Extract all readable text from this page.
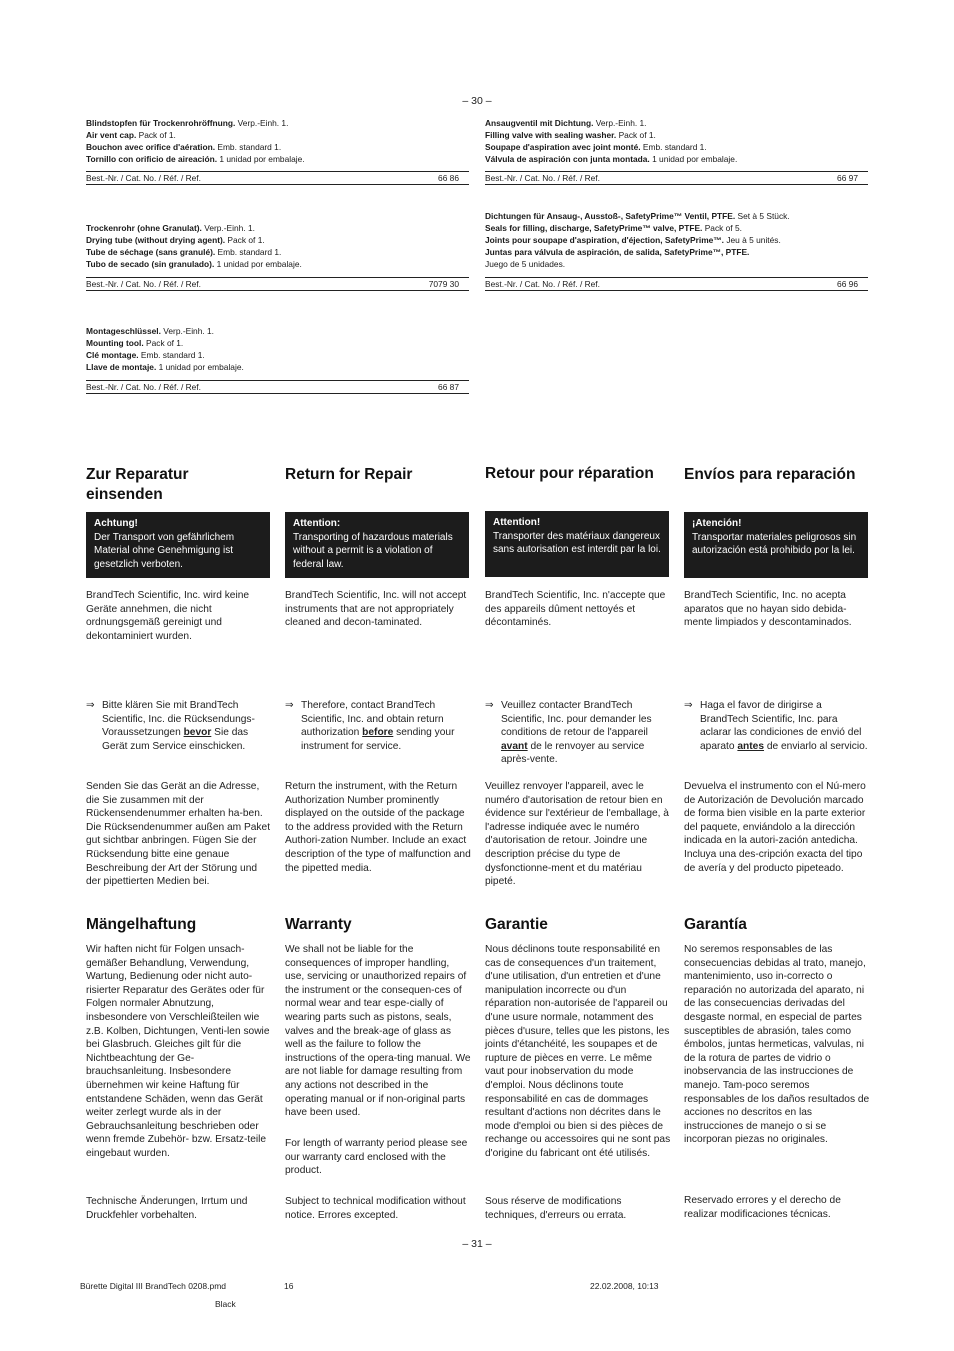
– 30 –
– 31 –
Blindstopfen für Trockenrohröffnung. Verp.-Einh. 1.
Air vent cap. Pack of 1.
Bouchon avec orifice d'aération. Emb. standard 1.
Tornillo con orificio de aireación. 1 unidad por embalaje.
Best.-Nr. / Cat. No. / Réf. / Ref.	66 86
Ansaugventil mit Dichtung. Verp.-Einh. 1.
Filling valve with sealing washer. Pack of 1.
Soupape d'aspiration avec joint monté. Emb. standard 1.
Válvula de aspiración con junta montada. 1 unidad por embalaje.
Best.-Nr. / Cat. No. / Réf. / Ref.	66 97
Trockenrohr (ohne Granulat). Verp.-Einh. 1.
Drying tube (without drying agent). Pack of 1.
Tube de séchage (sans granulé). Emb. standard 1.
Tubo de secado (sin granulado). 1 unidad por embalaje.
Best.-Nr. / Cat. No. / Réf. / Ref.	7079 30
Dichtungen für Ansaug-, Ausstoß-, SafetyPrime™ Ventil, PTFE. Set à 5 Stück.
Seals for filling, discharge, SafetyPrime™ valve, PTFE. Pack of 5.
Joints pour soupape d'aspiration, d'éjection, SafetyPrime™. Jeu à 5 unités.
Juntas para válvula de aspiración, de salida, SafetyPrime™, PTFE.
Juego de 5 unidades.
Best.-Nr. / Cat. No. / Réf. / Ref.	66 96
Montageschlüssel. Verp.-Einh. 1.
Mounting tool. Pack of 1.
Clé montage. Emb. standard 1.
Llave de montaje. 1 unidad por embalaje.
Best.-Nr. / Cat. No. / Réf. / Ref.	66 87
Zur Reparatur
einsenden
Achtung!
Der Transport von gefährlichem Material ohne Genehmigung ist gesetzlich verboten.
BrandTech Scientific, Inc. wird keine Geräte annehmen, die nicht ordnungsgemäß gereinigt und dekontaminiert wurden.
⇒ Bitte klären Sie mit BrandTech Scientific, Inc. die Rücksendungs-Voraussetzungen bevor Sie das Gerät zum Service einschicken.
Senden Sie das Gerät an die Adresse, die Sie zusammen mit der Rückensendenummer erhalten ha-ben. Die Rücksendenummer außen am Paket gut sichtbar anbringen. Fügen Sie der Rücksendung bitte eine genaue Beschreibung der Art der Störung und der pipettierten Medien bei.
Mängelhaftung
Wir haften nicht für Folgen unsach-gemäßer Behandlung, Verwendung, Wartung, Bedienung oder nicht auto-risierter Reparatur des Gerätes oder für Folgen normaler Abnutzung, insbesondere von Verschleißteilen wie z.B. Kolben, Dichtungen, Venti-len sowie bei Glasbruch. Gleiches gilt für die Nichtbeachtung der Ge-brauchsanleitung. Insbesondere übernehmen wir keine Haftung für entstandene Schäden, wenn das Gerät weiter zerlegt wurde als in der Gebrauchsanleitung beschrieben oder wenn fremde Zubehör- bzw. Ersatz-teile eingebaut wurden.
Technische Änderungen, Irrtum und Druckfehler vorbehalten.
Return for Repair
Attention:
Transporting of hazardous materials without a permit is a violation of federal law.
BrandTech Scientific, Inc. will not accept instruments that are not appropriately cleaned and decon-taminated.
⇒ Therefore, contact BrandTech Scientific, Inc. and obtain return authorization before sending your instrument for service.
Return the instrument, with the Return Authorization Number prominently displayed on the outside of the package to the address provided with the Return Authori-zation Number. Include an exact description of the type of malfunction and the pipetted media.
Warranty
We shall not be liable for the consequences of improper handling, use, servicing or unauthorized repairs of the instrument or the consequen-ces of normal wear and tear espe-cially of wearing parts such as pistons, seals, valves and the break-age of glass as well as the failure to follow the instructions of the opera-ting manual. We are not liable for damage resulting from any actions not described in the operating manual or if non-original parts have been used.
For length of warranty period please see our warranty card enclosed with the product.
Subject to technical modification without notice. Errores excepted.
Retour pour réparation
Attention!
Transporter des matériaux dangereux sans autorisation est interdit par la loi.
BrandTech Scientific, Inc. n'accepte que des appareils dûment nettoyés et décontaminés.
⇒ Veuillez contacter BrandTech Scientific, Inc. pour demander les conditions de retour de l'appareil avant de le renvoyer au service après-vente.
Veuillez renvoyer l'appareil, avec le numéro d'autorisation de retour bien en évidence sur l'extérieur de l'emballage, à l'adresse indiquée avec le numéro d'autorisation de retour. Joindre une description précise du type de dysfonctionne-ment et du matériau pipeté.
Garantie
Nous déclinons toute responsabilité en cas de consequences d'un traitement, d'une utilisation, d'un entretien et d'une manipulation incorrecte ou d'un réparation non-autorisée de l'appareil ou d'une usure normale, notamment des pièces d'usure, telles que les pistons, les joints d'étanchéité, les soupapes et de rupture de pièces en verre. Le même vaut pour inobservation du mode d'emploi. Nous déclinons toute responsabilité en cas de dommages resultant d'actions non décrites dans le mode d'emploi ou bien si des pièces de rechange ou accessoires qui ne sont pas d'origine du fabricant ont été utilisés.
Sous réserve de modifications techniques, d'erreurs ou errata.
Envíos para reparación
¡Atención!
Transportar materiales peligrosos sin autorización está prohibido por la lei.
BrandTech Scientific, Inc. no acepta aparatos que no hayan sido debida-mente limpiados y descontaminados.
⇒ Haga el favor de dirigirse a BrandTech Scientific, Inc. para aclarar las condiciones de envió del aparato antes de enviarlo al servicio.
Devuelva el instrumento con el Nú-mero de Autorización de Devolución marcado de forma bien visible en la parte exterior del paquete, enviándolo a la dirección indicada en la autori-zación antedicha. Incluya una des-cripción exacta del tipo de avería y del producto pipeteado.
Garantía
No seremos responsables de las consecuencias debidas al trato, manejo, mantenimiento, uso in-correcto o reparación no autorizada del aparato, ni de las consecuencias derivadas del desgaste normal, en especial de partes susceptibles de abrasión, tales como émbolos, juntas hermeticas, valvulas, ni de la rotura de partes de vidrio o inobservancia de las instrucciones de manejo. Tam-poco seremos responsables de los daños resultados de acciones no descritos en las instrucciones de manejo o si se incorporan piezas no originales.
Reservado errores y el derecho de realizar modificaciones técnicas.
Bürette Digital III BrandTech 0208.pmd	16	22.02.2008, 10:13
Black
